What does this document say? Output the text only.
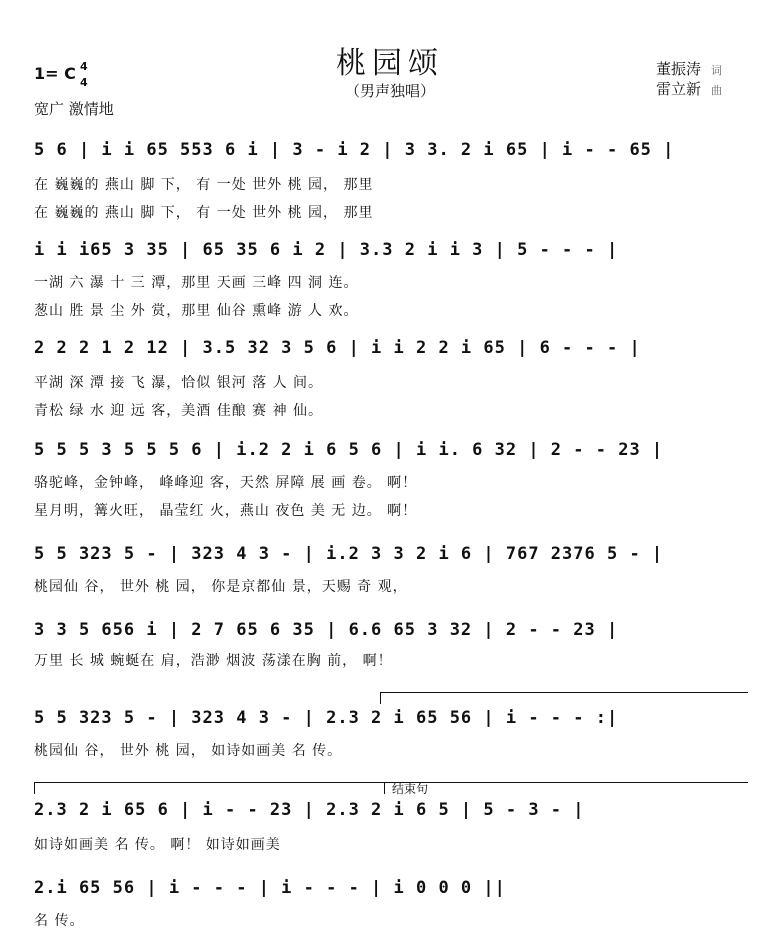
桃园颂
（男声独唱）
1= C 4
4
宽广 激情地
董振涛 词
雷立新 曲
5 6 | i i 65 553 6 i | 3 - i 2 | 3 3. 2 i 65 | i - - 65 |
在 巍巍的 燕山 脚 下， 有 一处 世外 桃 园， 那里
在 巍巍的 燕山 脚 下， 有 一处 世外 桃 园， 那里
i i i65 3 35 | 65 35 6 i 2 | 3.3 2 i i 3 | 5 - - - |
一湖 六 瀑 十 三 潭，那里 天画 三峰 四 洞 连。
葱山 胜 景 尘 外 赏，那里 仙谷 熏峰 游 人 欢。
2 2 2 1 2 12 | 3.5 32 3 5 6 | i i 2 2 i 65 | 6 - - - |
平湖 深 潭 接 飞 瀑，恰似 银河 落 人 间。
青松 绿 水 迎 远 客，美酒 佳酿 赛 神 仙。
5 5 5 3 5 5 5 6 | i.2 2 i 6 5 6 | i i. 6 32 | 2 - - 23 |
骆驼峰，金钟峰， 峰峰迎 客，天然 屏障 展 画 卷。 啊！
星月明，篝火旺， 晶莹红 火，燕山 夜色 美 无 边。 啊！
5 5 323 5 - | 323 4 3 - | i.2 3 3 2 i 6 | 767 2376 5 - |
桃园仙 谷， 世外 桃 园， 你是京都仙 景，天赐 奇 观，
3 3 5 656 i | 2 7 65 6 35 | 6.6 65 3 32 | 2 - - 23 |
万里 长 城 蜿蜒在 肩，浩渺 烟波 荡漾在胸 前， 啊！
5 5 323 5 - | 323 4 3 - | 2.3 2 i 65 56 | i - - - :|
桃园仙 谷， 世外 桃 园， 如诗如画美 名 传。
结束句
2.3 2 i 65 6 | i - - 23 | 2.3 2 i 6 5 | 5 - 3 - |
如诗如画美 名 传。 啊！ 如诗如画美
2.i 65 56 | i - - - | i - - - | i 0 0 0 ||
名 传。
